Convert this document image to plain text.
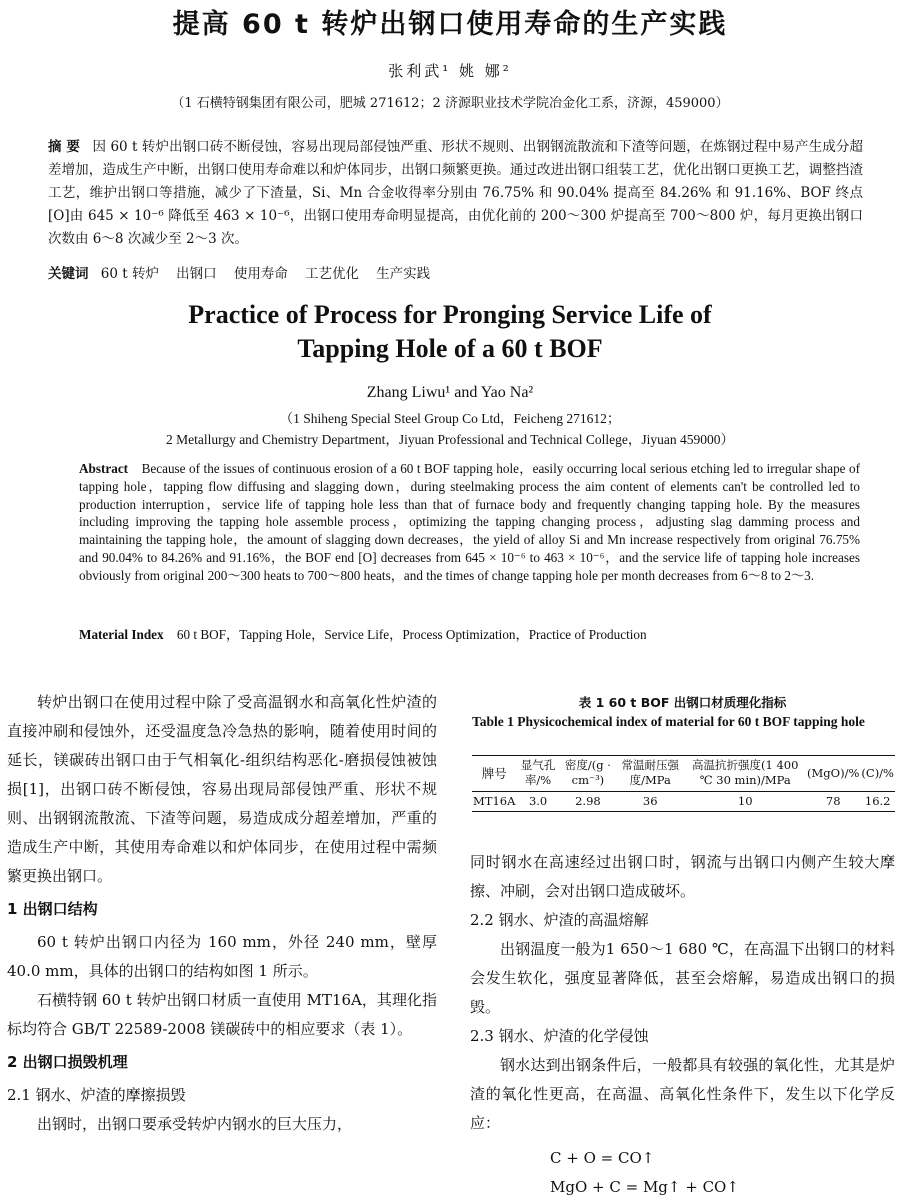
提高 60 t 转炉出钢口使用寿命的生产实践
张利武¹ 姚 娜²
（1 石横特钢集团有限公司，肥城 271612；2 济源职业技术学院冶金化工系，济源，459000）
摘 要 因 60 t 转炉出钢口砖不断侵蚀，容易出现局部侵蚀严重、形状不规则、出钢钢流散流和下渣等问题，在炼钢过程中易产生成分超差增加，造成生产中断，出钢口使用寿命难以和炉体同步，出钢口频繁更换。通过改进出钢口组装工艺，优化出钢口更换工艺，调整挡渣工艺，维护出钢口等措施，减少了下渣量，Si、Mn 合金收得率分别由 76.75% 和 90.04% 提高至 84.26% 和 91.16%、BOF 终点[O]由 645 × 10⁻⁶ 降低至 463 × 10⁻⁶，出钢口使用寿命明显提高，由优化前的 200～300 炉提高至 700～800 炉，每月更换出钢口次数由 6～8 次减少至 2～3 次。
关键词 60 t 转炉    出钢口    使用寿命    工艺优化    生产实践
Practice of Process for Pronging Service Life of
Tapping Hole of a 60 t BOF
Zhang Liwu¹ and Yao Na²
（1 Shiheng Special Steel Group Co Ltd，Feicheng 271612；
2 Metallurgy and Chemistry Department，Jiyuan Professional and Technical College，Jiyuan 459000）
Abstract Because of the issues of continuous erosion of a 60 t BOF tapping hole，easily occurring local serious etching led to irregular shape of tapping hole，tapping flow diffusing and slagging down，during steelmaking process the aim content of elements can't be controlled led to production interruption，service life of tapping hole less than that of furnace body and frequently changing tapping hole. By the measures including improving the tapping hole assemble process，optimizing the tapping changing process，adjusting slag damming process and maintaining the tapping hole，the amount of slagging down decreases，the yield of alloy Si and Mn increase respectively from original 76.75% and 90.04% to 84.26% and 91.16%，the BOF end [O] decreases from 645 × 10⁻⁶ to 463 × 10⁻⁶，and the service life of tapping hole increases obviously from original 200～300 heats to 700～800 heats，and the times of change tapping hole per month decreases from 6～8 to 2～3.
Material Index 60 t BOF，Tapping Hole，Service Life，Process Optimization，Practice of Production

转炉出钢口在使用过程中除了受高温钢水和高氧化性炉渣的直接冲刷和侵蚀外，还受温度急冷急热的影响，随着使用时间的延长，镁碳砖出钢口由于气相氧化-组织结构恶化-磨损侵蚀被蚀损[1]，出钢口砖不断侵蚀，容易出现局部侵蚀严重、形状不规则、出钢钢流散流、下渣等问题，易造成成分超差增加，严重的造成生产中断，其使用寿命难以和炉体同步，在使用过程中需频繁更换出钢口。

1 出钢口结构

60 t 转炉出钢口内径为 160 mm，外径 240 mm，壁厚 40.0 mm，具体的出钢口的结构如图 1 所示。

石横特钢 60 t 转炉出钢口材质一直使用 MT16A，其理化指标均符合 GB/T 22589-2008 镁碳砖中的相应要求（表 1）。

2 出钢口损毁机理
2.1 钢水、炉渣的摩擦损毁

出钢时，出钢口要承受转炉内钢水的巨大压力，

表 1 60 t BOF 出钢口材质理化指标
Table 1 Physicochemical index of material for 60 t BOF tapping hole
牌号	显气孔率/%	密度/(g · cm⁻³)	常温耐压强度/MPa	高温抗折强度(1 400 ℃ 30 min)/MPa	(MgO)/%	(C)/%
MT16A	3.0	2.98	36	10	78	16.2

同时钢水在高速经过出钢口时，钢流与出钢口内侧产生较大摩擦、冲刷，会对出钢口造成破坏。

2.2 钢水、炉渣的高温熔解

出钢温度一般为1 650～1 680 ℃，在高温下出钢口的材料会发生软化，强度显著降低，甚至会熔解，易造成出钢口的损毁。

2.3 钢水、炉渣的化学侵蚀

钢水达到出钢条件后，一般都具有较强的氧化性，尤其是炉渣的氧化性更高，在高温、高氧化性条件下，发生以下化学反应：

C + O = CO↑

MgO + C = Mg↑ + CO↑
